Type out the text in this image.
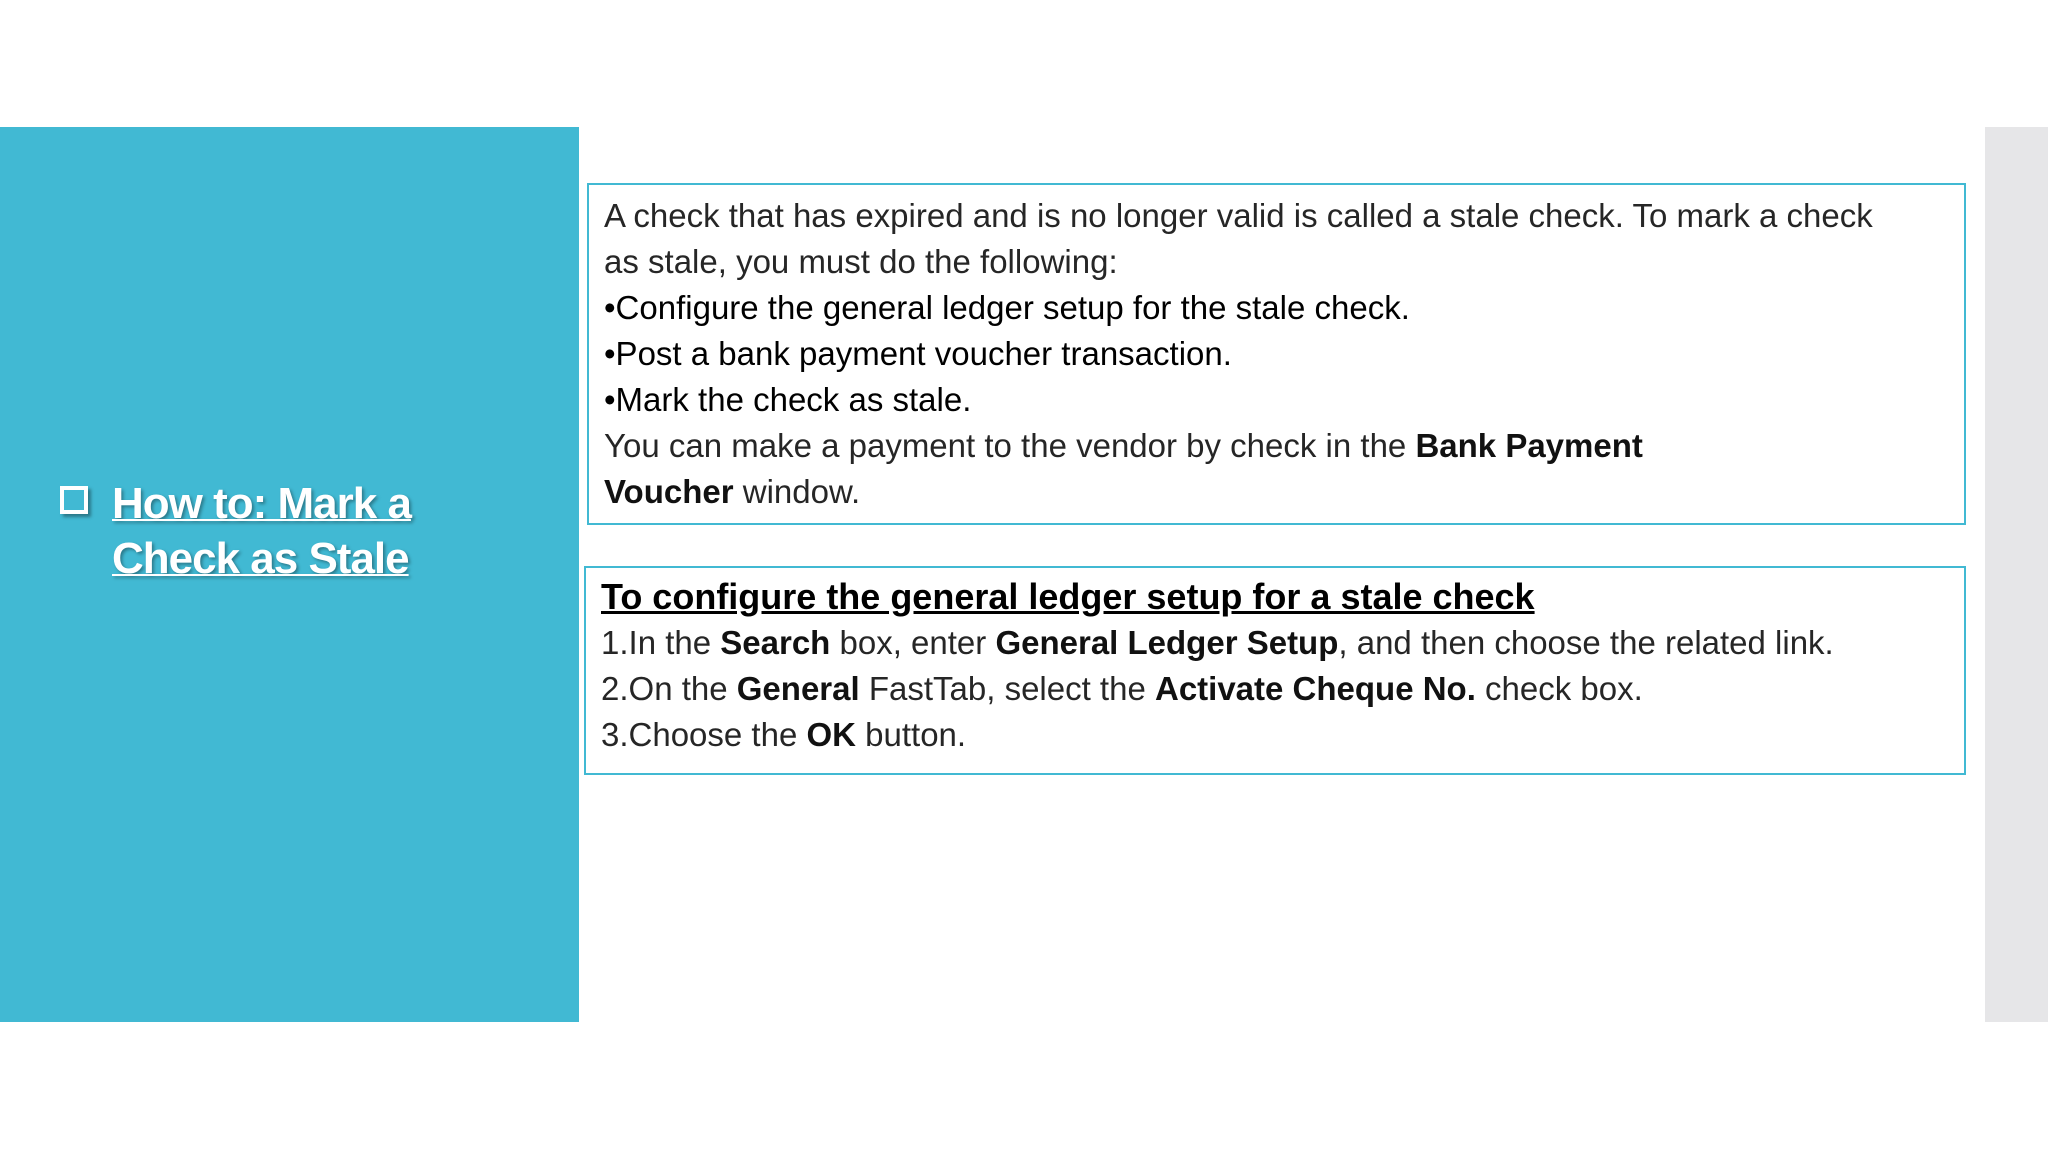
How to: Mark a
Check as Stale
A check that has expired and is no longer valid is called a stale check. To mark a check
as stale, you must do the following:
•Configure the general ledger setup for the stale check.
•Post a bank payment voucher transaction.
•Mark the check as stale.
You can make a payment to the vendor by check in the Bank Payment
Voucher window.
To configure the general ledger setup for a stale check
1.In the Search box, enter General Ledger Setup, and then choose the related link.
2.On the General FastTab, select the Activate Cheque No. check box.
3.Choose the OK button.
